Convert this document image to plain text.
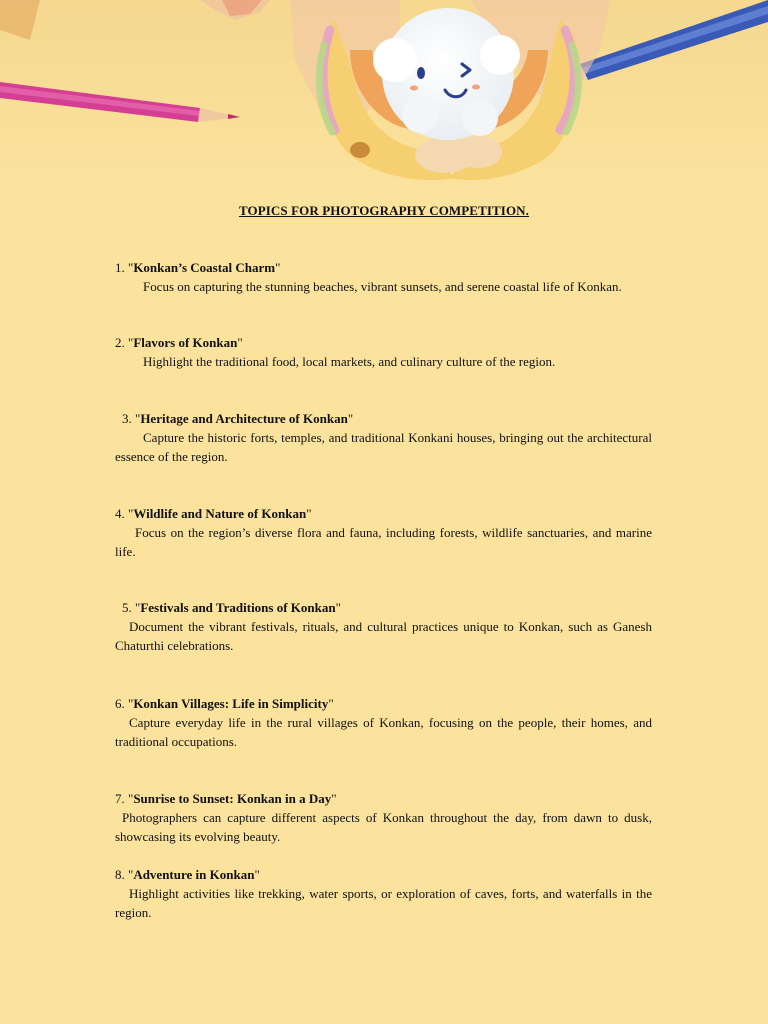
TOPICS FOR PHOTOGRAPHY COMPETITION.
1. "Konkan’s Coastal Charm"
Focus on capturing the stunning beaches, vibrant sunsets, and serene coastal life of Konkan.
2. "Flavors of Konkan"
Highlight the traditional food, local markets, and culinary culture of the region.
3. "Heritage and Architecture of Konkan"
Capture the historic forts, temples, and traditional Konkani houses, bringing out the architectural essence of the region.
4. "Wildlife and Nature of Konkan"
Focus on the region’s diverse flora and fauna, including forests, wildlife sanctuaries, and marine life.
5. "Festivals and Traditions of Konkan"
Document the vibrant festivals, rituals, and cultural practices unique to Konkan, such as Ganesh Chaturthi celebrations.
6. "Konkan Villages: Life in Simplicity"
Capture everyday life in the rural villages of Konkan, focusing on the people, their homes, and traditional occupations.
7. "Sunrise to Sunset: Konkan in a Day"
Photographers can capture different aspects of Konkan throughout the day, from dawn to dusk, showcasing its evolving beauty.
8. "Adventure in Konkan"
Highlight activities like trekking, water sports, or exploration of caves, forts, and waterfalls in the region.
